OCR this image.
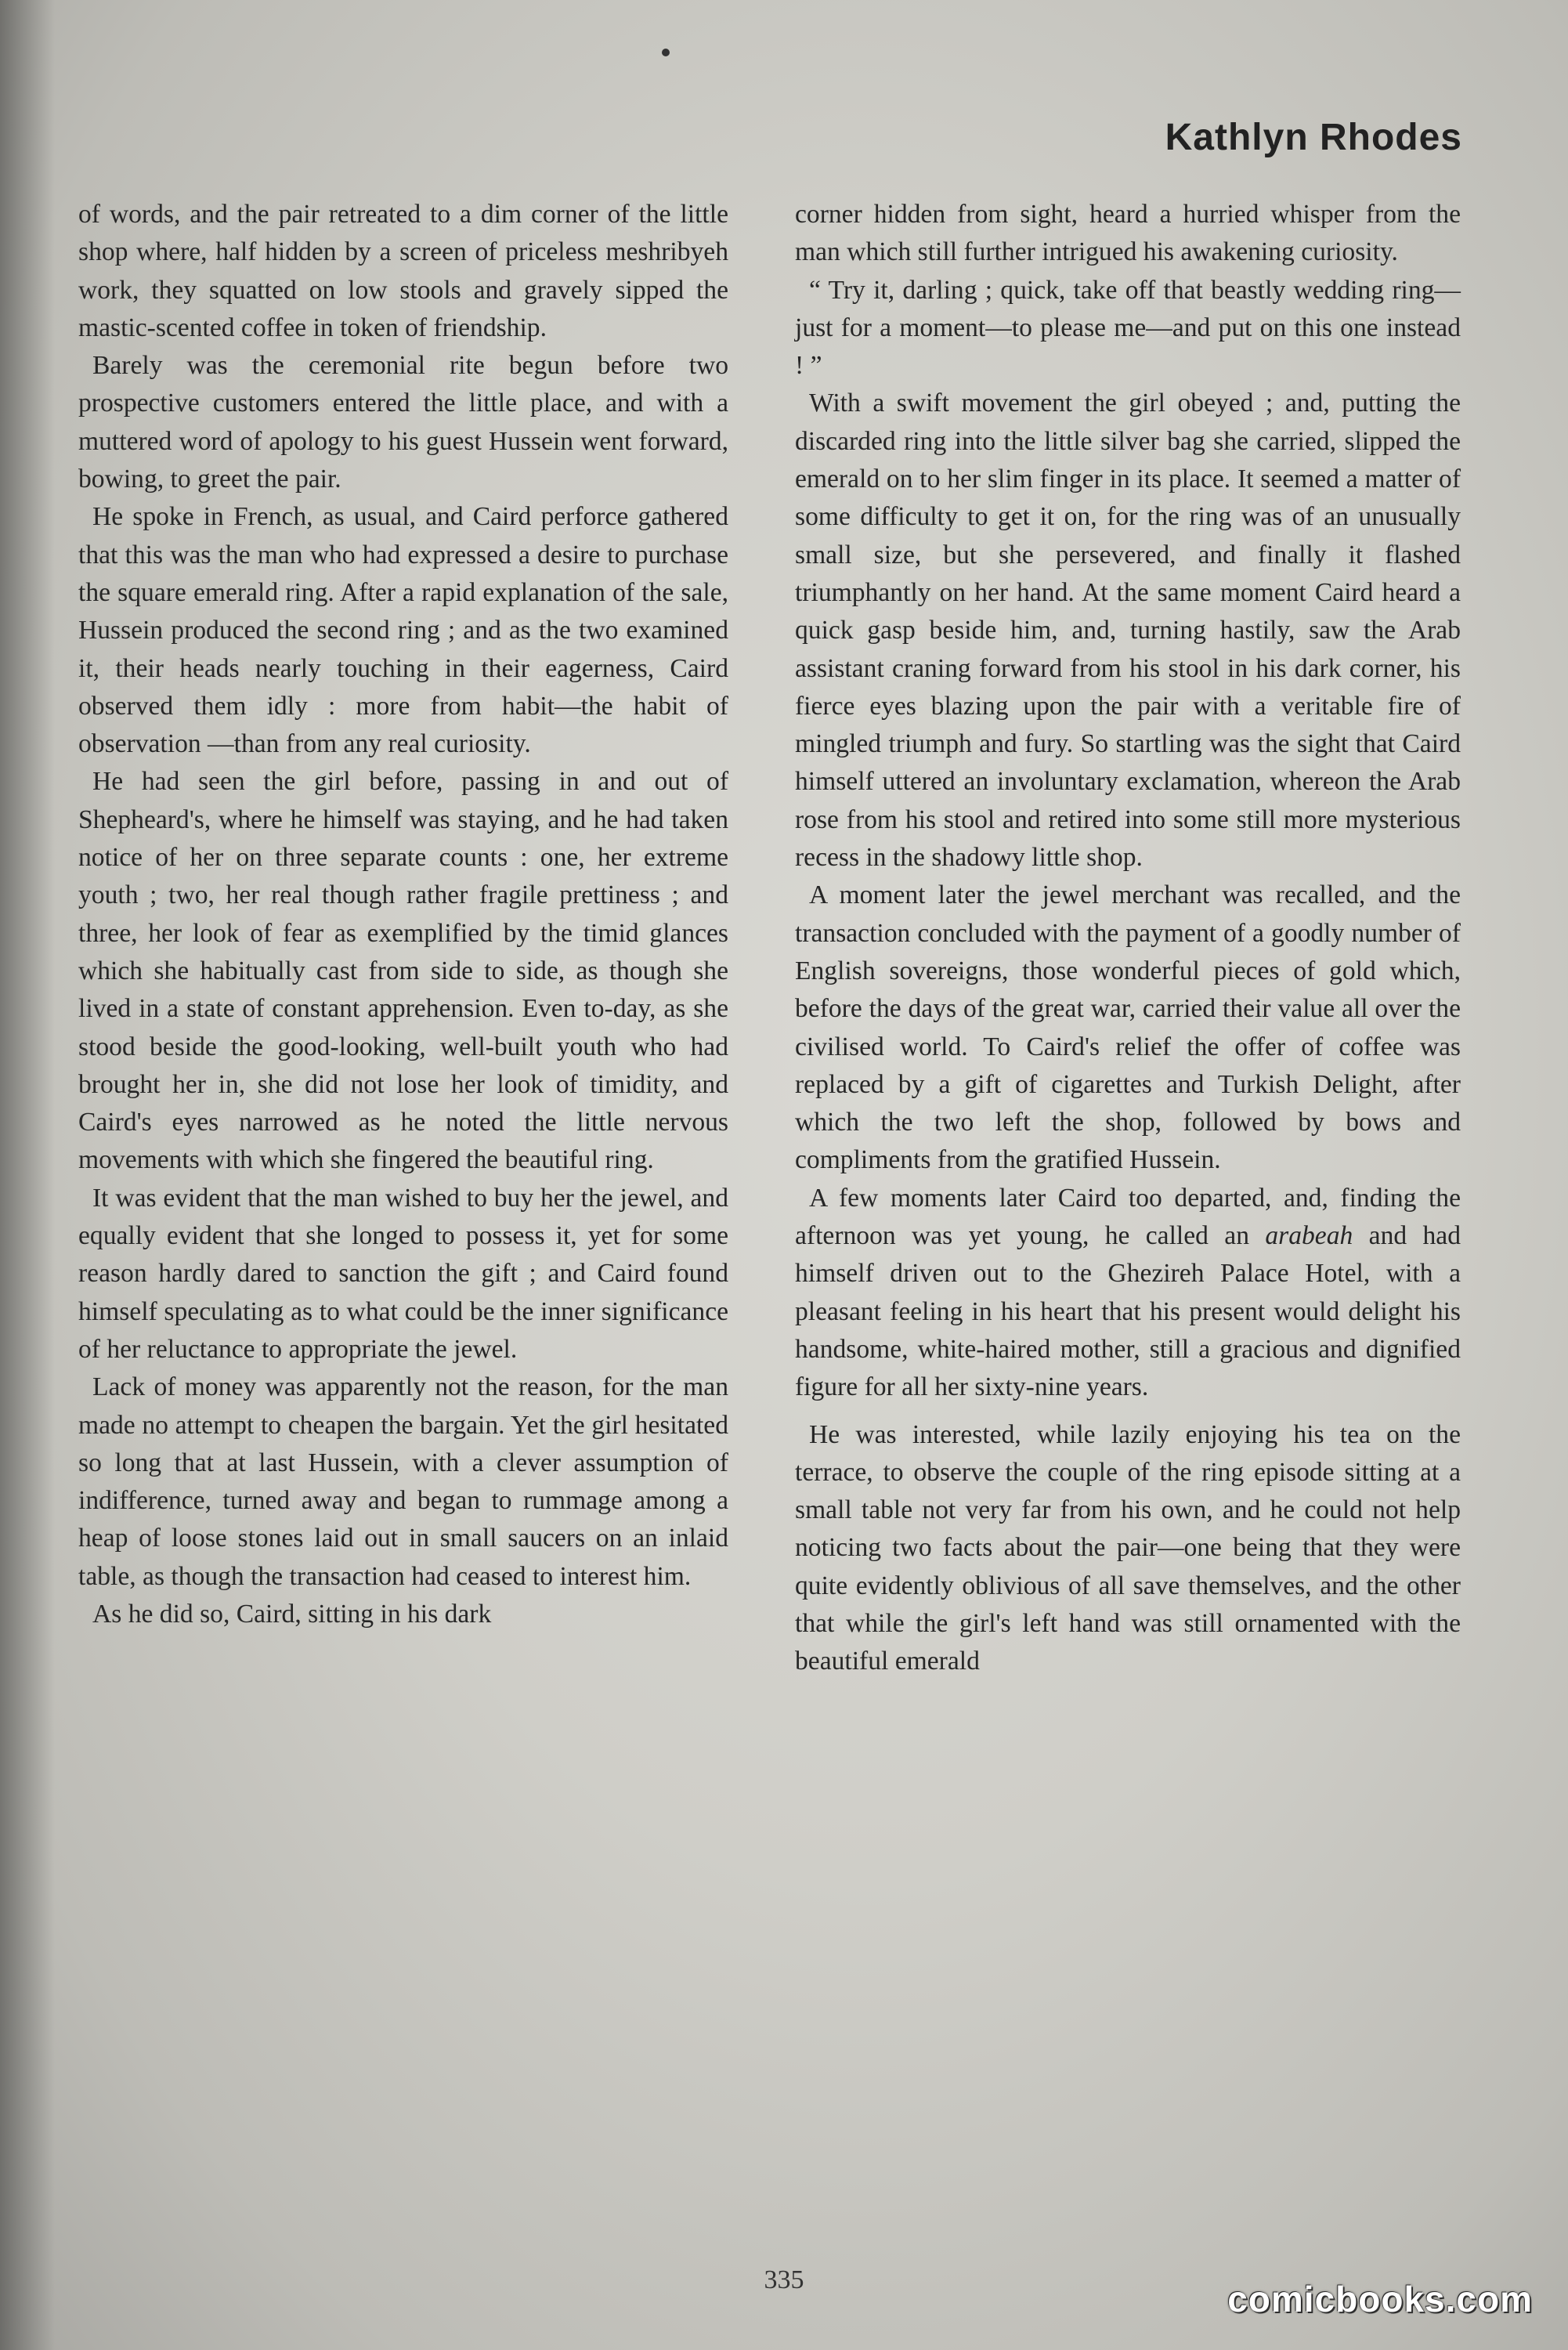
Kathlyn Rhodes

of words, and the pair retreated to a dim corner of the little shop where, half hidden by a screen of priceless meshribyeh work, they squatted on low stools and gravely sipped the mastic-scented coffee in token of friendship.

Barely was the ceremonial rite begun before two prospective customers entered the little place, and with a muttered word of apology to his guest Hussein went forward, bowing, to greet the pair.

He spoke in French, as usual, and Caird perforce gathered that this was the man who had expressed a desire to purchase the square emerald ring. After a rapid explanation of the sale, Hussein produced the second ring ; and as the two examined it, their heads nearly touching in their eagerness, Caird observed them idly : more from habit—the habit of observation —than from any real curiosity.

He had seen the girl before, passing in and out of Shepheard's, where he himself was staying, and he had taken notice of her on three separate counts : one, her extreme youth ; two, her real though rather fragile prettiness ; and three, her look of fear as exemplified by the timid glances which she habitually cast from side to side, as though she lived in a state of constant apprehension. Even to-day, as she stood beside the good-looking, well-built youth who had brought her in, she did not lose her look of timidity, and Caird's eyes narrowed as he noted the little nervous movements with which she fingered the beautiful ring.

It was evident that the man wished to buy her the jewel, and equally evident that she longed to possess it, yet for some reason hardly dared to sanction the gift ; and Caird found himself speculating as to what could be the inner significance of her reluctance to appropriate the jewel.

Lack of money was apparently not the reason, for the man made no attempt to cheapen the bargain. Yet the girl hesitated so long that at last Hussein, with a clever assumption of indifference, turned away and began to rummage among a heap of loose stones laid out in small saucers on an inlaid table, as though the transaction had ceased to interest him.

As he did so, Caird, sitting in his dark

corner hidden from sight, heard a hurried whisper from the man which still further intrigued his awakening curiosity.

“ Try it, darling ; quick, take off that beastly wedding ring—just for a moment—to please me—and put on this one instead ! ”

With a swift movement the girl obeyed ; and, putting the discarded ring into the little silver bag she carried, slipped the emerald on to her slim finger in its place. It seemed a matter of some difficulty to get it on, for the ring was of an unusually small size, but she persevered, and finally it flashed triumphantly on her hand. At the same moment Caird heard a quick gasp beside him, and, turning hastily, saw the Arab assistant craning forward from his stool in his dark corner, his fierce eyes blazing upon the pair with a veritable fire of mingled triumph and fury. So startling was the sight that Caird himself uttered an involuntary exclamation, whereon the Arab rose from his stool and retired into some still more mysterious recess in the shadowy little shop.

A moment later the jewel merchant was recalled, and the transaction concluded with the payment of a goodly number of English sovereigns, those wonderful pieces of gold which, before the days of the great war, carried their value all over the civilised world. To Caird's relief the offer of coffee was replaced by a gift of cigarettes and Turkish Delight, after which the two left the shop, followed by bows and compliments from the gratified Hussein.

A few moments later Caird too departed, and, finding the afternoon was yet young, he called an arabeah and had himself driven out to the Ghezireh Palace Hotel, with a pleasant feeling in his heart that his present would delight his handsome, white-haired mother, still a gracious and dignified figure for all her sixty-nine years.

He was interested, while lazily enjoying his tea on the terrace, to observe the couple of the ring episode sitting at a small table not very far from his own, and he could not help noticing two facts about the pair—one being that they were quite evidently oblivious of all save themselves, and the other that while the girl's left hand was still ornamented with the beautiful emerald

335	comicbooks.com
